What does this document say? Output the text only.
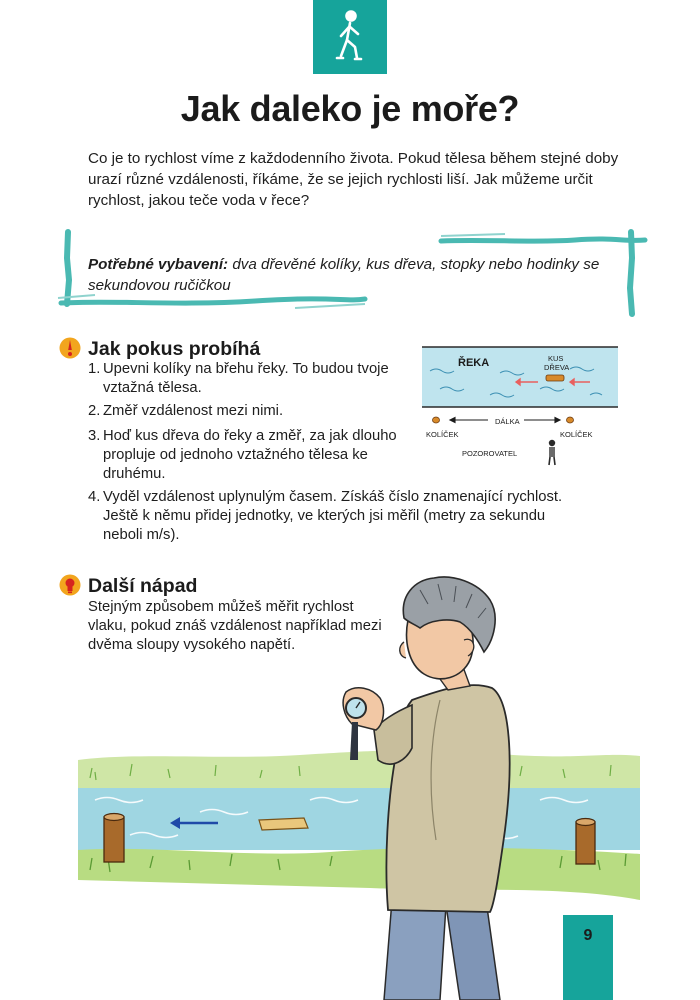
Jak daleko je moře?
Co je to rychlost víme z každodenního života. Pokud tělesa během stejné doby urazí různé vzdálenosti, říkáme, že se jejich rychlosti liší. Jak můžeme určit rychlost, jakou teče voda v řece?
Potřebné vybavení: dva dřevěné kolíky, kus dřeva, stopky nebo hodinky se sekundovou ručičkou
Jak pokus probíhá
1. Upevni kolíky na břehu řeky. To budou tvoje vztažná tělesa.
2. Změř vzdálenost mezi nimi.
3. Hoď kus dřeva do řeky a změř, za jak dlouho propluje od jednoho vztažného tělesa ke druhému.
4. Vyděl vzdálenost uplynulým časem. Získáš číslo znamenající rychlost. Ještě k němu přidej jednotky, ve kterých jsi měřil (metry za sekundu neboli m/s).
ŘEKA	KUS
DŘEVA
DÁLKA
KOLÍČEK	KOLÍČEK
POZOROVATEL
Další nápad
Stejným způsobem můžeš měřit rychlost vlaku, pokud znáš vzdálenost například mezi dvěma sloupy vysokého napětí.
9
